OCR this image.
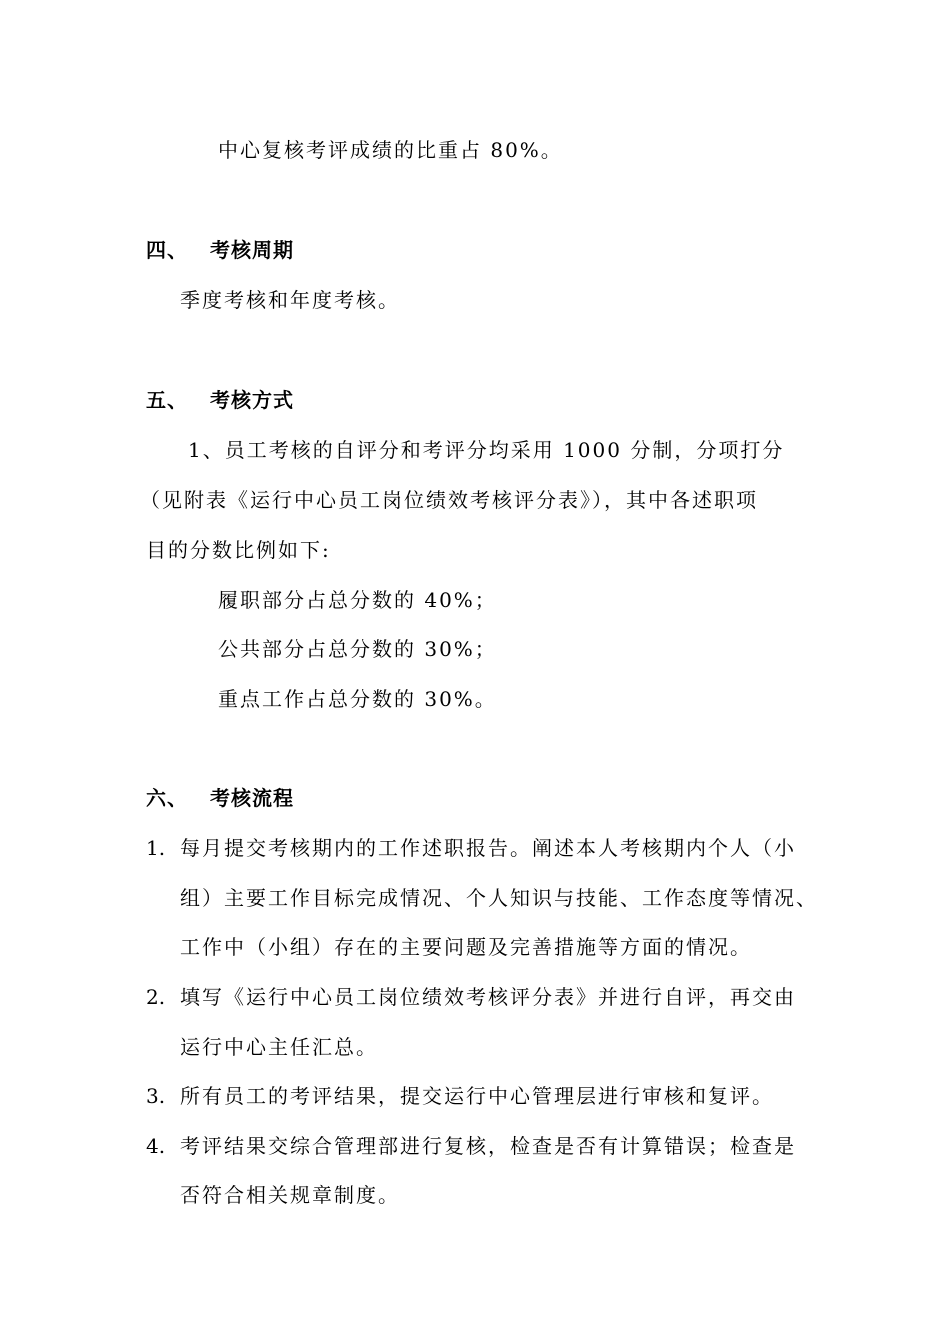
中心复核考评成绩的比重占 80%。
四、 考核周期
季度考核和年度考核。
五、 考核方式
1、员工考核的自评分和考评分均采用 1000 分制，分项打分
（见附表《运行中心员工岗位绩效考核评分表》），其中各述职项
目的分数比例如下:
履职部分占总分数的 40%；
公共部分占总分数的 30%；
重点工作占总分数的 30%。
六、 考核流程
1. 每月提交考核期内的工作述职报告。阐述本人考核期内个人（小
组）主要工作目标完成情况、个人知识与技能、工作态度等情况、
工作中（小组）存在的主要问题及完善措施等方面的情况。
2. 填写《运行中心员工岗位绩效考核评分表》并进行自评，再交由
运行中心主任汇总。
3. 所有员工的考评结果，提交运行中心管理层进行审核和复评。
4. 考评结果交综合管理部进行复核，检查是否有计算错误；检查是
否符合相关规章制度。
